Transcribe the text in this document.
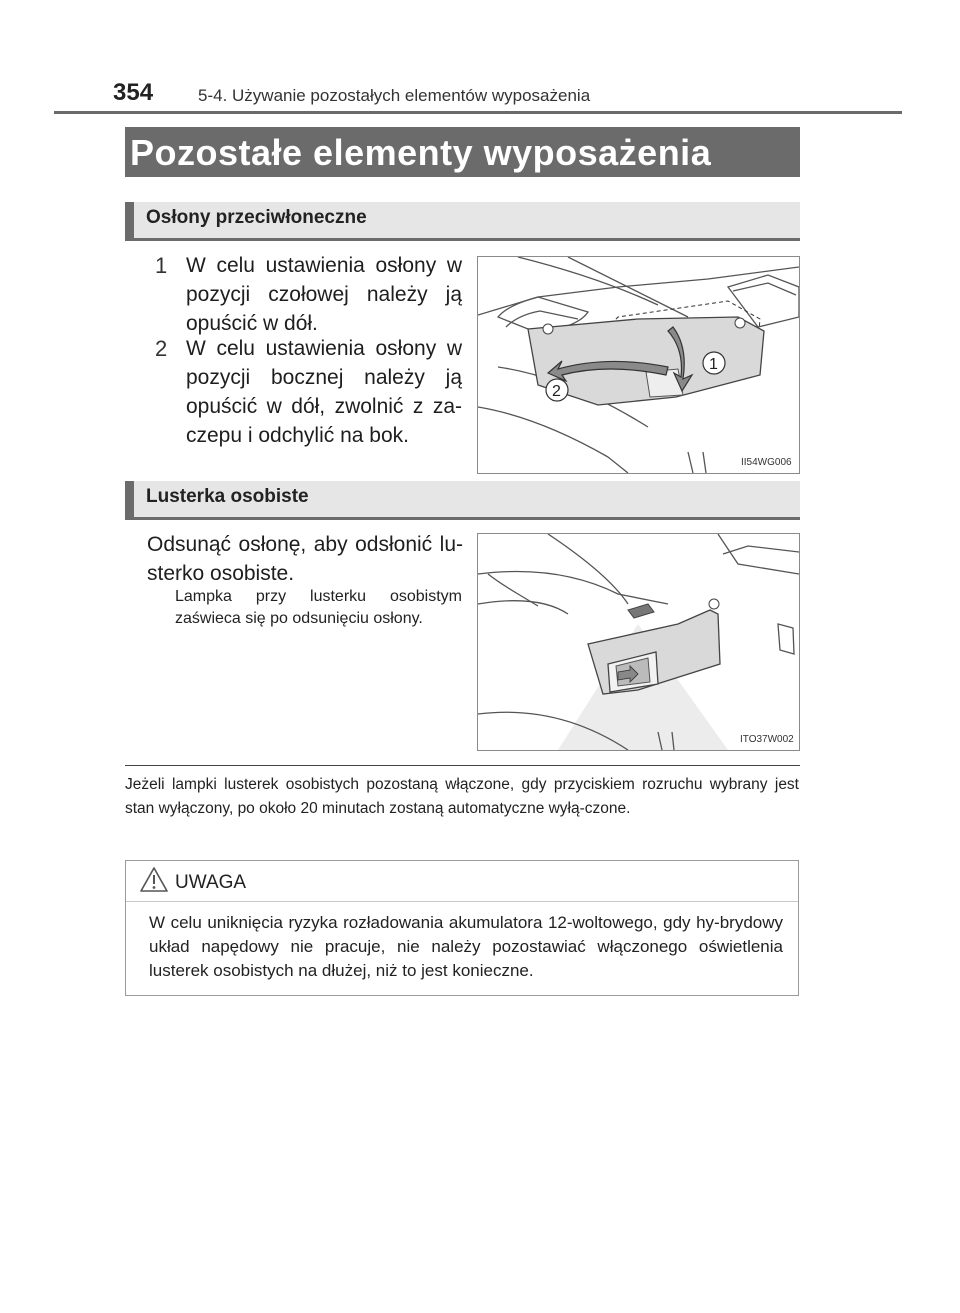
354	5-4. Używanie pozostałych elementów wyposażenia
Pozostałe elementy wyposażenia
Osłony przeciwłoneczne
1 W celu ustawienia osłony w pozycji czołowej należy ją opuścić w dół.
2 W celu ustawienia osłony w pozycji bocznej należy ją opuścić w dół, zwolnić z za-czepu i odchylić na bok.
1
2
II54WG006
Lusterka osobiste
Odsunąć osłonę, aby odsłonić lu-sterko osobiste.
Lampka przy lusterku osobistym zaświeca się po odsunięciu osłony.
ITO37W002
Jeżeli lampki lusterek osobistych pozostaną włączone, gdy przyciskiem rozruchu wybrany jest stan wyłączony, po około 20 minutach zostaną automatyczne wyłą-czone.
UWAGA
W celu uniknięcia ryzyka rozładowania akumulatora 12-woltowego, gdy hy-brydowy układ napędowy nie pracuje, nie należy pozostawiać włączonego oświetlenia lusterek osobistych na dłużej, niż to jest konieczne.
